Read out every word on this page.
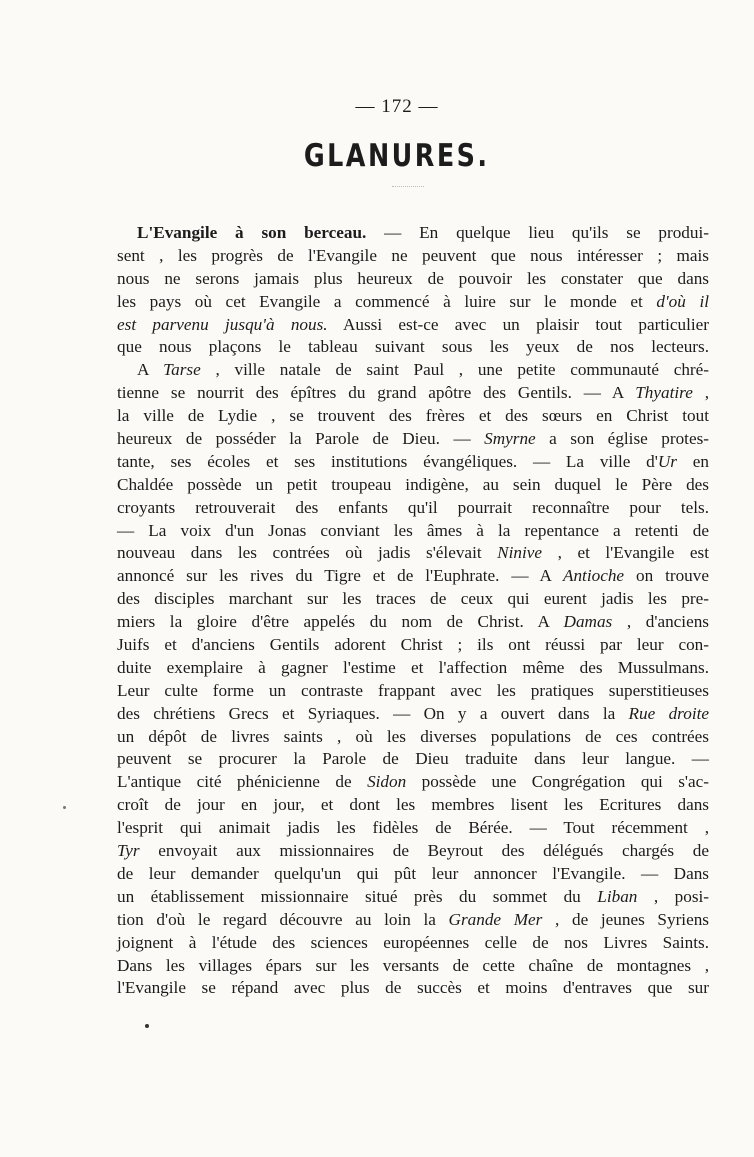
— 172 —
GLANURES.
L'Evangile à son berceau. — En quelque lieu qu'ils se produi-
sent , les progrès de l'Evangile ne peuvent que nous intéresser ; mais
nous ne serons jamais plus heureux de pouvoir les constater que dans
les pays où cet Evangile a commencé à luire sur le monde et d'où il
est parvenu jusqu'à nous. Aussi est-ce avec un plaisir tout particulier
que nous plaçons le tableau suivant sous les yeux de nos lecteurs.
A Tarse , ville natale de saint Paul , une petite communauté chré-
tienne se nourrit des épîtres du grand apôtre des Gentils. — A Thyatire ,
la ville de Lydie , se trouvent des frères et des sœurs en Christ tout
heureux de posséder la Parole de Dieu. — Smyrne a son église protes-
tante, ses écoles et ses institutions évangéliques. — La ville d'Ur en
Chaldée possède un petit troupeau indigène, au sein duquel le Père des
croyants retrouverait des enfants qu'il pourrait reconnaître pour tels.
— La voix d'un Jonas conviant les âmes à la repentance a retenti de
nouveau dans les contrées où jadis s'élevait Ninive , et l'Evangile est
annoncé sur les rives du Tigre et de l'Euphrate. — A Antioche on trouve
des disciples marchant sur les traces de ceux qui eurent jadis les pre-
miers la gloire d'être appelés du nom de Christ. A Damas , d'anciens
Juifs et d'anciens Gentils adorent Christ ; ils ont réussi par leur con-
duite exemplaire à gagner l'estime et l'affection même des Mussulmans.
Leur culte forme un contraste frappant avec les pratiques superstitieuses
des chrétiens Grecs et Syriaques. — On y a ouvert dans la Rue droite
un dépôt de livres saints , où les diverses populations de ces contrées
peuvent se procurer la Parole de Dieu traduite dans leur langue. —
L'antique cité phénicienne de Sidon possède une Congrégation qui s'ac-
croît de jour en jour, et dont les membres lisent les Ecritures dans
l'esprit qui animait jadis les fidèles de Bérée. — Tout récemment ,
Tyr envoyait aux missionnaires de Beyrout des délégués chargés de
de leur demander quelqu'un qui pût leur annoncer l'Evangile. — Dans
un établissement missionnaire situé près du sommet du Liban , posi-
tion d'où le regard découvre au loin la Grande Mer , de jeunes Syriens
joignent à l'étude des sciences européennes celle de nos Livres Saints.
Dans les villages épars sur les versants de cette chaîne de montagnes ,
l'Evangile se répand avec plus de succès et moins d'entraves que sur
